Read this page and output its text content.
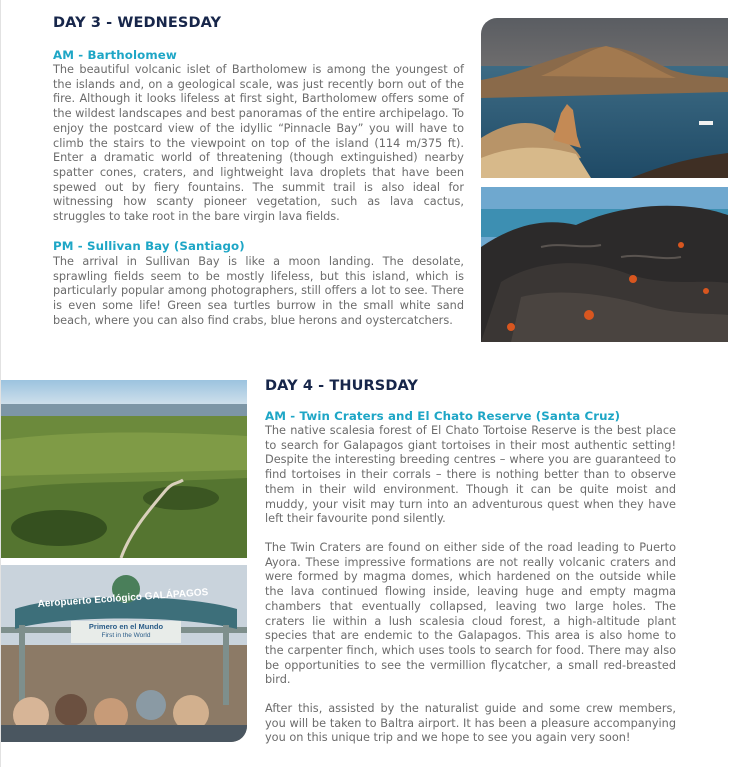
DAY 3 - WEDNESDAY
AM - Bartholomew

The beautiful volcanic islet of Bartholomew is among the youngest of the islands and, on a geological scale, was just recently born out of the fire. Although it looks lifeless at first sight, Bartholomew offers some of the wildest landscapes and best panoramas of the entire archipelago. To enjoy the postcard view of the idyllic “Pinnacle Bay” you will have to climb the stairs to the viewpoint on top of the island (114 m/375 ft). Enter a dramatic world of threatening (though extinguished) nearby spatter cones, craters, and lightweight lava droplets that have been spewed out by fiery fountains. The summit trail is also ideal for witnessing how scanty pioneer vegetation, such as lava cactus, struggles to take root in the bare virgin lava fields.

PM - Sullivan Bay (Santiago)

The arrival in Sullivan Bay is like a moon landing. The desolate, sprawling fields seem to be mostly lifeless, but this island, which is particularly popular among photographers, still offers a lot to see. There is even some life! Green sea turtles burrow in the small white sand beach, where you can also find crabs, blue herons and oystercatchers.

DAY 4 - THURSDAY
AM - Twin Craters and El Chato Reserve (Santa Cruz)

The native scalesia forest of El Chato Tortoise Reserve is the best place to search for Galapagos giant tortoises in their most authentic setting! Despite the interesting breeding centres – where you are guaranteed to find tortoises in their corrals – there is nothing better than to observe them in their wild environment. Though it can be quite moist and muddy, your visit may turn into an adventurous quest when they have left their favourite pond silently.

The Twin Craters are found on either side of the road leading to Puerto Ayora. These impressive formations are not really volcanic craters and were formed by magma domes, which hardened on the outside while the lava continued flowing inside, leaving huge and empty magma chambers that eventually collapsed, leaving two large holes. The craters lie within a lush scalesia cloud forest, a high-altitude plant species that are endemic to the Galapagos. This area is also home to the carpenter finch, which uses tools to search for food. There may also be opportunities to see the vermillion flycatcher, a small red-breasted bird.

After this, assisted by the naturalist guide and some crew members, you will be taken to Baltra airport. It has been a pleasure accompanying you on this unique trip and we hope to see you again very soon!

Aeropuerto Ecológico GALÁPAGOS
Primero en el Mundo
First in the World
